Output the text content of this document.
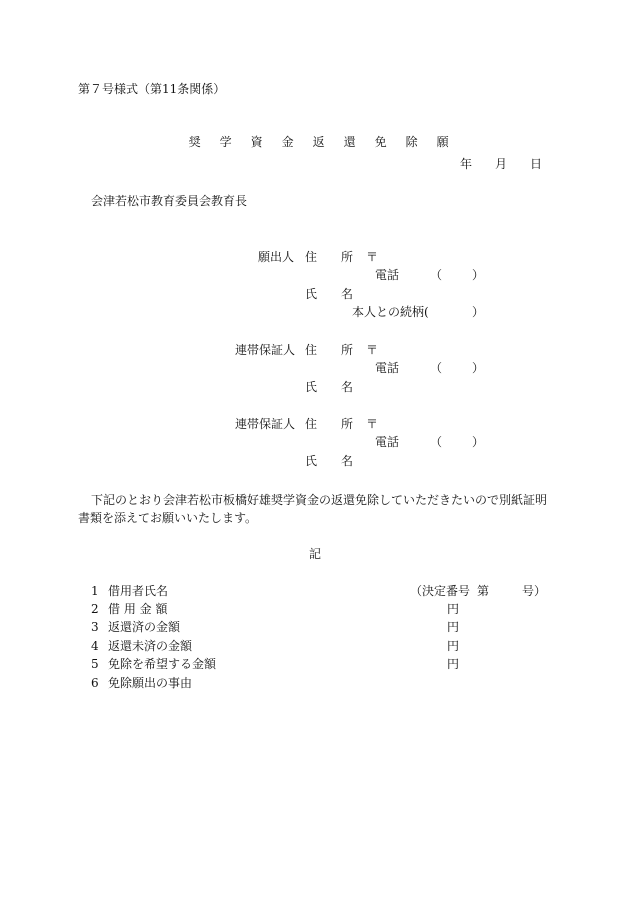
第７号様式（第11条関係）

奨 学 資 金 返 還 免 除 願

年 月 日
会津若松市教育委員会教育長
願出人 住　　所 〒
電話	（ ）
氏　　名
本人との続柄(	）
連帯保証人 住　　所 〒
電話	（ ）
氏　　名
連帯保証人 住　　所 〒
電話	（ ）
氏　　名
下記のとおり会津若松市板橋好雄奨学資金の返還免除していただきたいので別紙証明書類を添えてお願いいたします。
記
1 借用者氏名	（決定番号 第	号）
2 借 用 金 額	円
3 返還済の金額	円
4 返還未済の金額	円
5 免除を希望する金額	円
6 免除願出の事由
